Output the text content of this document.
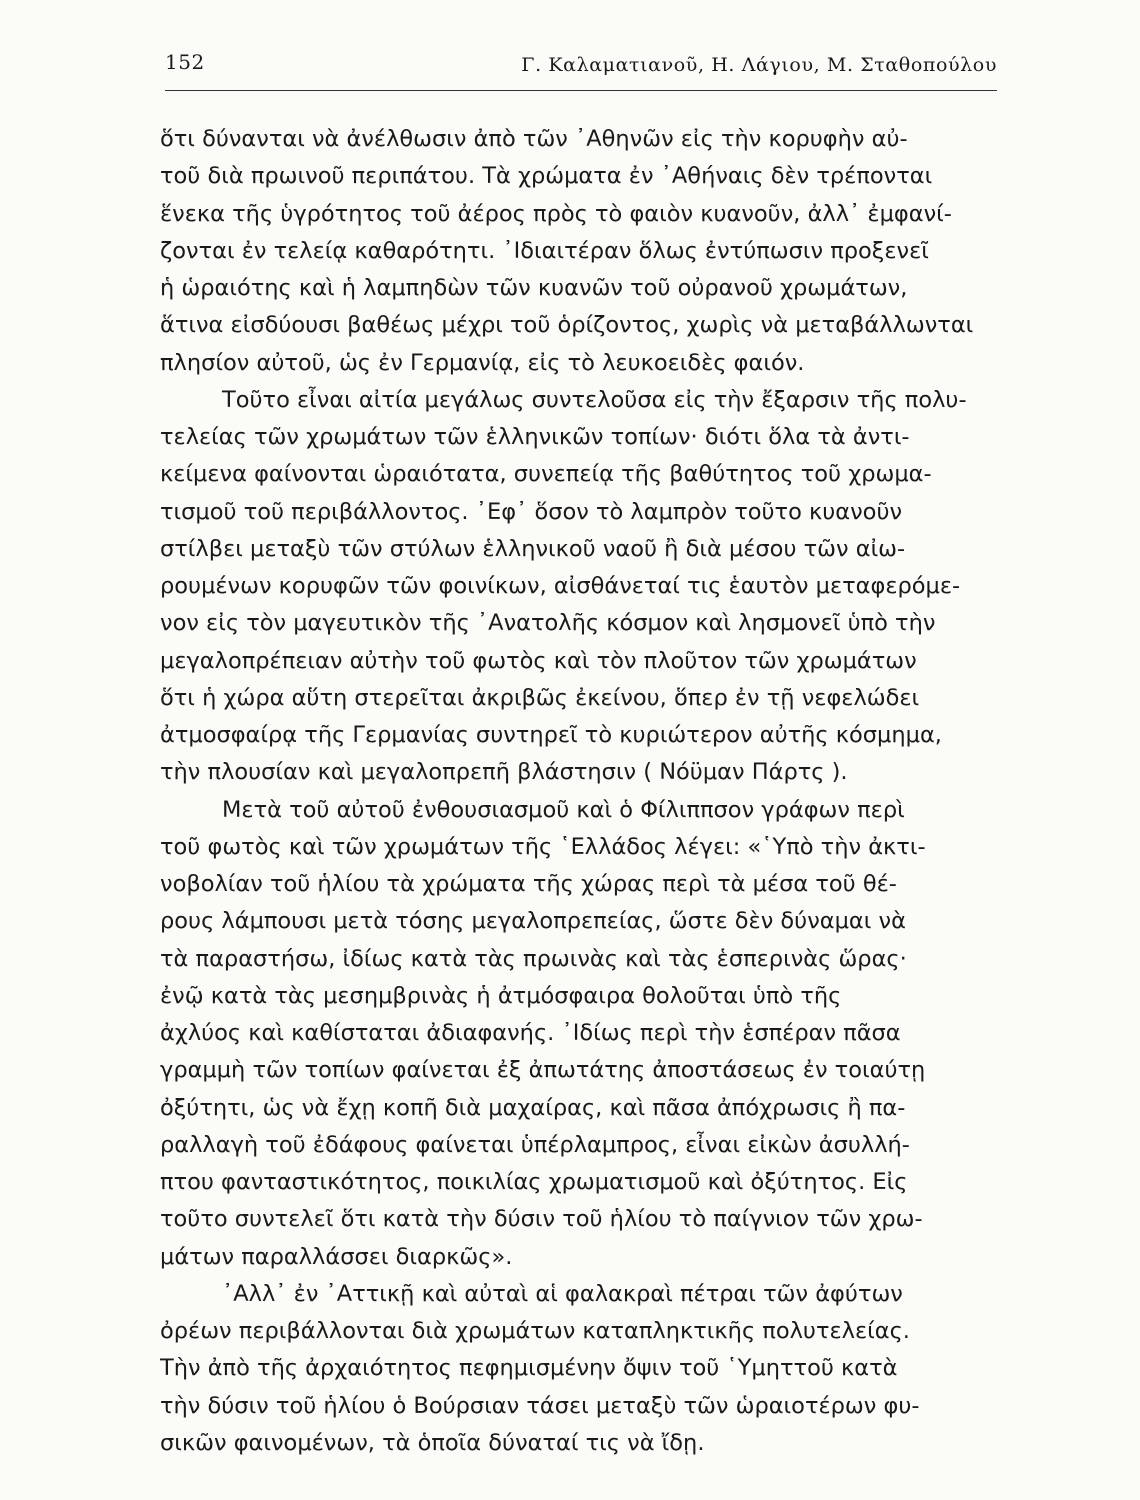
152	Γ. Καλαματιανοῦ, Η. Λάγιου, Μ. Σταθοπούλου
ὅτι δύνανται νὰ ἀνέλθωσιν ἀπὸ τῶν ᾽Αθηνῶν εἰς τὴν κορυφὴν αὐ-
τοῦ διὰ πρωινοῦ περιπάτου. Τὰ χρώματα ἐν ᾽Αθήναις δὲν τρέπονται
ἕνεκα τῆς ὑγρότητος τοῦ ἀέρος πρὸς τὸ φαιὸν κυανοῦν, ἀλλ᾽ ἐμφανί-
ζονται ἐν τελείᾳ καθαρότητι. ᾽Ιδιαιτέραν ὅλως ἐντύπωσιν προξενεῖ
ἡ ὡραιότης καὶ ἡ λαμπηδὼν τῶν κυανῶν τοῦ οὐρανοῦ χρωμάτων,
ἅτινα εἰσδύουσι βαθέως μέχρι τοῦ ὁρίζοντος, χωρὶς νὰ μεταβάλλωνται
πλησίον αὐτοῦ, ὡς ἐν Γερμανίᾳ, εἰς τὸ λευκοειδὲς φαιόν.
Τοῦτο εἶναι αἰτία μεγάλως συντελοῦσα εἰς τὴν ἔξαρσιν τῆς πολυ-
τελείας τῶν χρωμάτων τῶν ἑλληνικῶν τοπίων· διότι ὅλα τὰ ἀντι-
κείμενα φαίνονται ὡραιότατα, συνεπείᾳ τῆς βαθύτητος τοῦ χρωμα-
τισμοῦ τοῦ περιβάλλοντος. ᾽Εφ᾽ ὅσον τὸ λαμπρὸν τοῦτο κυανοῦν
στίλβει μεταξὺ τῶν στύλων ἑλληνικοῦ ναοῦ ἢ διὰ μέσου τῶν αἰω-
ρουμένων κορυφῶν τῶν φοινίκων, αἰσθάνεταί τις ἑαυτὸν μεταφερόμε-
νον εἰς τὸν μαγευτικὸν τῆς ᾽Ανατολῆς κόσμον καὶ λησμονεῖ ὑπὸ τὴν
μεγαλοπρέπειαν αὐτὴν τοῦ φωτὸς καὶ τὸν πλοῦτον τῶν χρωμάτων
ὅτι ἡ χώρα αὕτη στερεῖται ἀκριβῶς ἐκείνου, ὅπερ ἐν τῇ νεφελώδει
ἀτμοσφαίρᾳ τῆς Γερμανίας συντηρεῖ τὸ κυριώτερον αὐτῆς κόσμημα,
τὴν πλουσίαν καὶ μεγαλοπρεπῆ βλάστησιν ( Νόϋμαν Πάρτς ).
Μετὰ τοῦ αὐτοῦ ἐνθουσιασμοῦ καὶ ὁ Φίλιππσον γράφων περὶ
τοῦ φωτὸς καὶ τῶν χρωμάτων τῆς ῾Ελλάδος λέγει: «῾Υπὸ τὴν ἀκτι-
νοβολίαν τοῦ ἡλίου τὰ χρώματα τῆς χώρας περὶ τὰ μέσα τοῦ θέ-
ρους λάμπουσι μετὰ τόσης μεγαλοπρεπείας, ὥστε δὲν δύναμαι νὰ
τὰ παραστήσω, ἰδίως κατὰ τὰς πρωινὰς καὶ τὰς ἑσπερινὰς ὥρας·
ἐνῷ κατὰ τὰς μεσημβρινὰς ἡ ἀτμόσφαιρα θολοῦται ὑπὸ τῆς
ἀχλύος καὶ καθίσταται ἀδιαφανής. ᾽Ιδίως περὶ τὴν ἑσπέραν πᾶσα
γραμμὴ τῶν τοπίων φαίνεται ἐξ ἀπωτάτης ἀποστάσεως ἐν τοιαύτῃ
ὀξύτητι, ὡς νὰ ἔχῃ κοπῆ διὰ μαχαίρας, καὶ πᾶσα ἀπόχρωσις ἢ πα-
ραλλαγὴ τοῦ ἐδάφους φαίνεται ὑπέρλαμπρος, εἶναι εἰκὼν ἀσυλλή-
πτου φανταστικότητος, ποικιλίας χρωματισμοῦ καὶ ὀξύτητος. Εἰς
τοῦτο συντελεῖ ὅτι κατὰ τὴν δύσιν τοῦ ἡλίου τὸ παίγνιον τῶν χρω-
μάτων παραλλάσσει διαρκῶς».
᾽Αλλ᾽ ἐν ᾽Αττικῇ καὶ αὐταὶ αἱ φαλακραὶ πέτραι τῶν ἀφύτων
ὀρέων περιβάλλονται διὰ χρωμάτων καταπληκτικῆς πολυτελείας.
Τὴν ἀπὸ τῆς ἀρχαιότητος πεφημισμένην ὄψιν τοῦ ῾Υμηττοῦ κατὰ
τὴν δύσιν τοῦ ἡλίου ὁ Βούρσιαν τάσει μεταξὺ τῶν ὡραιοτέρων φυ-
σικῶν φαινομένων, τὰ ὁποῖα δύναταί τις νὰ ἴδῃ.
